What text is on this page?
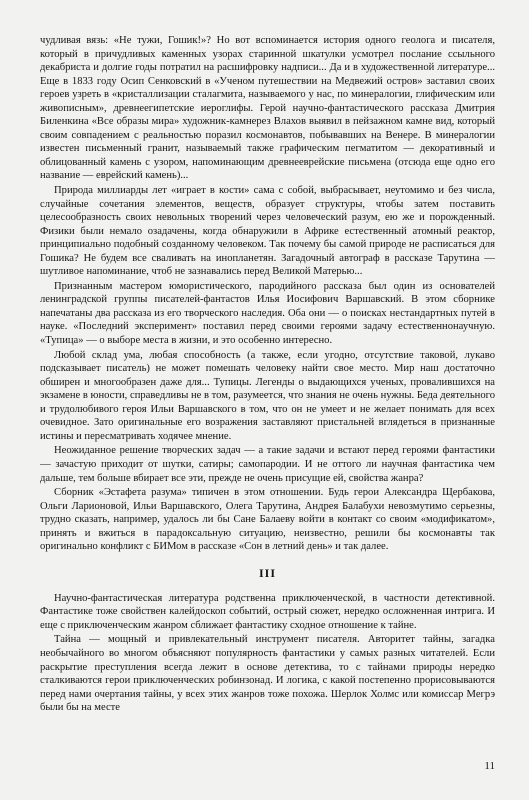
чудливая вязь: «Не тужи, Гошик!»? Но вот вспоминается история одного геолога и писателя, который в причудливых каменных узорах старинной шкатулки усмотрел послание ссыльного декабриста и долгие годы потратил на расшифровку надписи... Да и в художественной литературе... Еще в 1833 году Осип Сенковский в «Ученом путешествии на Медвежий остров» заставил своих героев узреть в «кристаллизации сталагмита, называемого у нас, по минералогии, глифическим или живописным», древнеегипетские иероглифы. Герой научно-фантастического рассказа Дмитрия Биленкина «Все образы мира» художник-камнерез Влахов выявил в пейзажном камне вид, который своим совпадением с реальностью поразил космонавтов, побывавших на Венере. В минералогии известен письменный гранит, называемый также графическим пегматитом — декоративный и облицованный камень с узором, напоминающим древнееврейские письмена (отсюда еще одно его название — еврейский камень)...

Природа миллиарды лет «играет в кости» сама с собой, выбрасывает, неутомимо и без числа, случайные сочетания элементов, веществ, образует структуры, чтобы затем поставить целесообразность своих невольных творений через человеческий разум, ею же и порожденный. Физики были немало озадачены, когда обнаружили в Африке естественный атомный реактор, принципиально подобный созданному человеком. Так почему бы самой природе не расписаться для Гошика? Не будем все сваливать на инопланетян. Загадочный автограф в рассказе Тарутина — шутливое напоминание, чтоб не зазнавались перед Великой Матерью...

Признанным мастером юмористического, пародийного рассказа был один из основателей ленинградской группы писателей-фантастов Илья Иосифович Варшавский. В этом сборнике напечатаны два рассказа из его творческого наследия. Оба они — о поисках нестандартных путей в науке. «Последний эксперимент» поставил перед своими героями задачу естественнонаучную. «Тупица» — о выборе места в жизни, и это особенно интересно.

Любой склад ума, любая способность (а также, если угодно, отсутствие таковой, лукаво подсказывает писатель) не может помешать человеку найти свое место. Мир наш достаточно обширен и многообразен даже для... Тупицы. Легенды о выдающихся ученых, провалившихся на экзамене в юности, справедливы не в том, разумеется, что знания не очень нужны. Беда деятельного и трудолюбивого героя Ильи Варшавского в том, что он не умеет и не желает понимать для всех очевидное. Зато оригинальные его возражения заставляют пристальней вглядеться в признанные истины и пересматривать ходячее мнение.

Неожиданное решение творческих задач — а такие задачи и встают перед героями фантастики — зачастую приходит от шутки, сатиры; самопародии. И не оттого ли научная фантастика чем дальше, тем больше вбирает все эти, прежде не очень присущие ей, свойства жанра?

Сборник «Эстафета разума» типичен в этом отношении. Будь герои Александра Щербакова, Ольги Ларионовой, Ильи Варшавского, Олега Тарутина, Андрея Балабухи невозмутимо серьезны, трудно сказать, например, удалось ли бы Сане Балаеву войти в контакт со своим «модификатом», принять и вжиться в парадоксальную ситуацию, неизвестно, решили бы космонавты так оригинально конфликт с БИМом в рассказе «Сон в летний день» и так далее.

III

Научно-фантастическая литература родственна приключенческой, в частности детективной. Фантастике тоже свойствен калейдоскоп событий, острый сюжет, нередко осложненная интрига. И еще с приключенческим жанром сближает фантастику сходное отношение к тайне.

Тайна — мощный и привлекательный инструмент писателя. Авторитет тайны, загадка необычайного во многом объясняют популярность фантастики у самых разных читателей. Если раскрытие преступления всегда лежит в основе детектива, то с тайнами природы нередко сталкиваются герои приключенческих робинзонад. И логика, с какой постепенно прорисовываются перед нами очертания тайны, у всех этих жанров тоже похожа. Шерлок Холмс или комиссар Мегрэ были бы на месте

11
